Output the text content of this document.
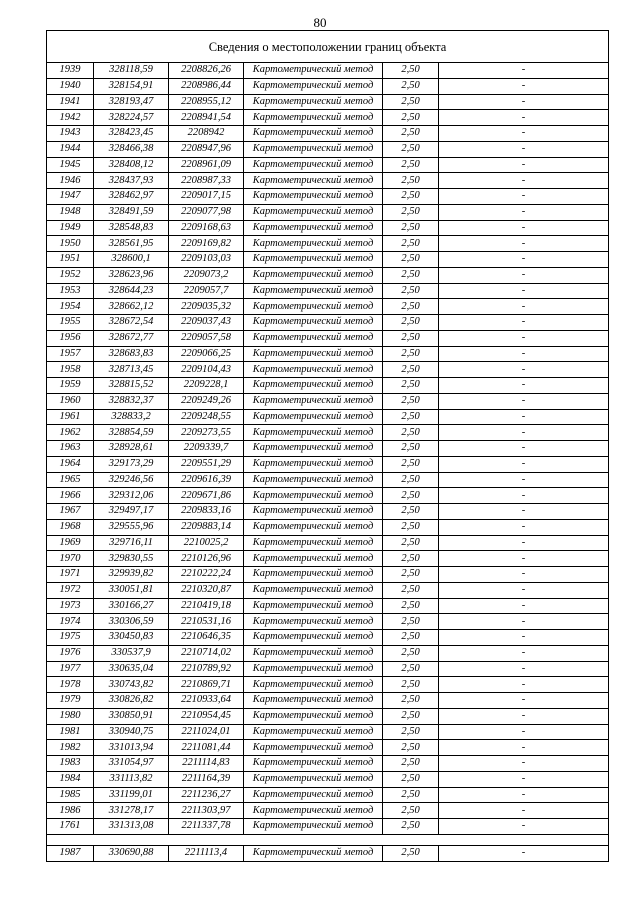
80
Сведения о местоположении границ объекта					
1939	328118,59	2208826,26	Картометрический метод	2,50	-
1940	328154,91	2208986,44	Картометрический метод	2,50	-
1941	328193,47	2208955,12	Картометрический метод	2,50	-
1942	328224,57	2208941,54	Картометрический метод	2,50	-
1943	328423,45	2208942	Картометрический метод	2,50	-
1944	328466,38	2208947,96	Картометрический метод	2,50	-
1945	328408,12	2208961,09	Картометрический метод	2,50	-
1946	328437,93	2208987,33	Картометрический метод	2,50	-
1947	328462,97	2209017,15	Картометрический метод	2,50	-
1948	328491,59	2209077,98	Картометрический метод	2,50	-
1949	328548,83	2209168,63	Картометрический метод	2,50	-
1950	328561,95	2209169,82	Картометрический метод	2,50	-
1951	328600,1	2209103,03	Картометрический метод	2,50	-
1952	328623,96	2209073,2	Картометрический метод	2,50	-
1953	328644,23	2209057,7	Картометрический метод	2,50	-
1954	328662,12	2209035,32	Картометрический метод	2,50	-
1955	328672,54	2209037,43	Картометрический метод	2,50	-
1956	328672,77	2209057,58	Картометрический метод	2,50	-
1957	328683,83	2209066,25	Картометрический метод	2,50	-
1958	328713,45	2209104,43	Картометрический метод	2,50	-
1959	328815,52	2209228,1	Картометрический метод	2,50	-
1960	328832,37	2209249,26	Картометрический метод	2,50	-
1961	328833,2	2209248,55	Картометрический метод	2,50	-
1962	328854,59	2209273,55	Картометрический метод	2,50	-
1963	328928,61	2209339,7	Картометрический метод	2,50	-
1964	329173,29	2209551,29	Картометрический метод	2,50	-
1965	329246,56	2209616,39	Картометрический метод	2,50	-
1966	329312,06	2209671,86	Картометрический метод	2,50	-
1967	329497,17	2209833,16	Картометрический метод	2,50	-
1968	329555,96	2209883,14	Картометрический метод	2,50	-
1969	329716,11	2210025,2	Картометрический метод	2,50	-
1970	329830,55	2210126,96	Картометрический метод	2,50	-
1971	329939,82	2210222,24	Картометрический метод	2,50	-
1972	330051,81	2210320,87	Картометрический метод	2,50	-
1973	330166,27	2210419,18	Картометрический метод	2,50	-
1974	330306,59	2210531,16	Картометрический метод	2,50	-
1975	330450,83	2210646,35	Картометрический метод	2,50	-
1976	330537,9	2210714,02	Картометрический метод	2,50	-
1977	330635,04	2210789,92	Картометрический метод	2,50	-
1978	330743,82	2210869,71	Картометрический метод	2,50	-
1979	330826,82	2210933,64	Картометрический метод	2,50	-
1980	330850,91	2210954,45	Картометрический метод	2,50	-
1981	330940,75	2211024,01	Картометрический метод	2,50	-
1982	331013,94	2211081,44	Картометрический метод	2,50	-
1983	331054,97	2211114,83	Картометрический метод	2,50	-
1984	331113,82	2211164,39	Картометрический метод	2,50	-
1985	331199,01	2211236,27	Картометрический метод	2,50	-
1986	331278,17	2211303,97	Картометрический метод	2,50	-
1761	331313,08	2211337,78	Картометрический метод	2,50	-

1987	330690,88	2211113,4	Картометрический метод	2,50	-
